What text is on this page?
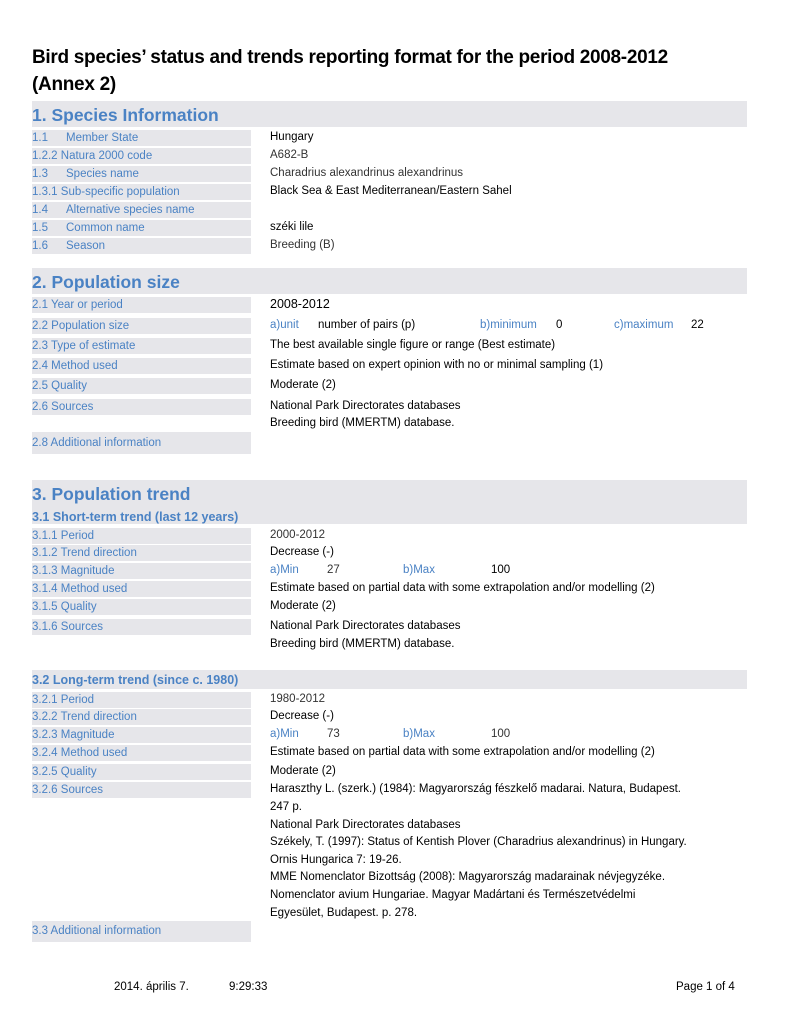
Bird species’ status and trends reporting format for the period 2008-2012
(Annex 2)
1. Species Information
1.1 Member State	Hungary
1.2.2 Natura 2000 code	A682-B
1.3 Species name	Charadrius alexandrinus alexandrinus
1.3.1 Sub-specific population	Black Sea & East Mediterranean/Eastern Sahel
1.4 Alternative species name
1.5 Common name	széki lile
1.6 Season	Breeding (B)
2. Population size
2.1 Year or period	2008-2012
2.2 Population size	a)unit number of pairs (p)	b)minimum 0	c)maximum 22
2.3 Type of estimate	The best available single figure or range (Best estimate)
2.4 Method used	Estimate based on expert opinion with no or minimal sampling (1)
2.5 Quality	Moderate (2)
2.6 Sources	National Park Directorates databases
Breeding bird (MMERTM) database.
2.8 Additional information
3. Population trend
3.1 Short-term trend (last 12 years)
3.1.1 Period	2000-2012
3.1.2 Trend direction	Decrease (-)
3.1.3 Magnitude	a)Min 27	b)Max	100
3.1.4 Method used	Estimate based on partial data with some extrapolation and/or modelling (2)
3.1.5 Quality	Moderate (2)
3.1.6 Sources	National Park Directorates databases
Breeding bird (MMERTM) database.
3.2 Long-term trend (since c. 1980)
3.2.1 Period	1980-2012
3.2.2 Trend direction	Decrease (-)
3.2.3 Magnitude	a)Min 73	b)Max	100
3.2.4 Method used	Estimate based on partial data with some extrapolation and/or modelling (2)
3.2.5 Quality	Moderate (2)
3.2.6 Sources	Haraszthy L. (szerk.) (1984): Magyarország fészkelő madarai. Natura, Budapest.
247 p.
National Park Directorates databases
Székely, T. (1997): Status of Kentish Plover (Charadrius alexandrinus) in Hungary.
Ornis Hungarica 7: 19-26.
MME Nomenclator Bizottság (2008): Magyarország madarainak névjegyzéke.
Nomenclator avium Hungariae. Magyar Madártani és Természetvédelmi
Egyesület, Budapest. p. 278.
3.3 Additional information
2014. április 7.	9:29:33	Page 1 of 4
